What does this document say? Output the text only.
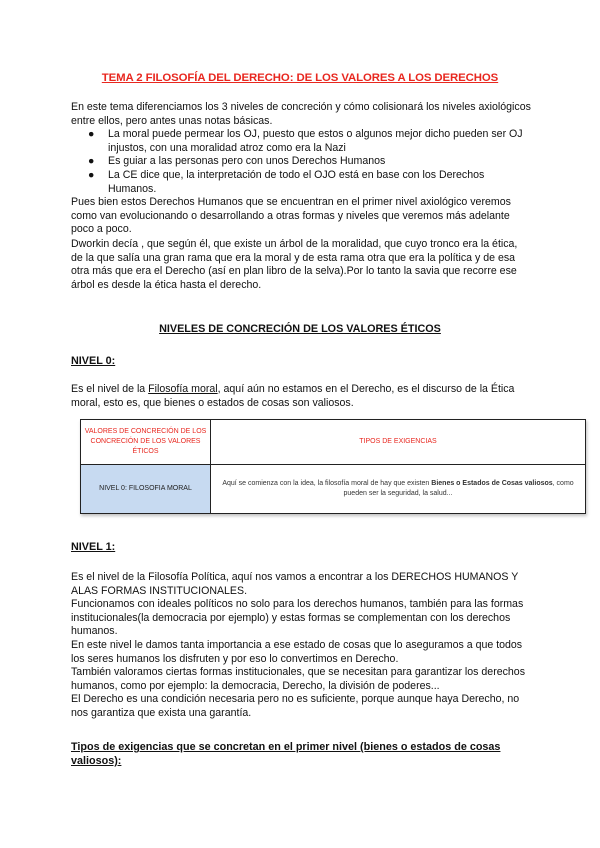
TEMA 2 FILOSOFÍA DEL DERECHO: DE LOS VALORES A LOS DERECHOS

En este tema diferenciamos los 3 niveles de concreción y cómo colisionará los niveles axiológicos entre ellos, pero antes unas notas básicas.

● La moral puede permear los OJ, puesto que estos o algunos mejor dicho pueden ser OJ injustos, con una moralidad atroz como era la Nazi
● Es guiar a las personas pero con unos Derechos Humanos
● La CE dice que, la interpretación de todo el OJO está en base con los Derechos Humanos.

Pues bien estos Derechos Humanos que se encuentran en el primer nivel axiológico veremos como van evolucionando o desarrollando a otras formas y niveles que veremos más adelante poco a poco.

Dworkin decía , que según él, que existe un árbol de la moralidad, que cuyo tronco era la ética, de la que salía una gran rama que era la moral y de esta rama otra que era la política y de esa otra más que era el Derecho (así en plan libro de la selva).Por lo tanto la savia que recorre ese árbol es desde la ética hasta el derecho.

NIVELES DE CONCRECIÓN DE LOS VALORES ÉTICOS
NIVEL 0:

Es el nivel de la Filosofía moral, aquí aún no estamos en el Derecho, es el discurso de la Ética moral, esto es, que bienes o estados de cosas son valiosos.

VALORES DE CONCRECIÓN DE LOS CONCRECIÓN DE LOS VALORES ÉTICOS	TIPOS DE EXIGENCIAS
NIVEL 0: FILOSOFIA MORAL	Aquí se comienza con la idea, la filosofía moral de hay que existen Bienes o Estados de Cosas valiosos, como pueden ser la seguridad, la salud...
NIVEL 1:

Es el nivel de la Filosofía Política, aquí nos vamos a encontrar a los DERECHOS HUMANOS Y ALAS FORMAS INSTITUCIONALES.

Funcionamos con ideales políticos no solo para los derechos humanos, también para las formas institucionales(la democracia por ejemplo) y estas formas se complementan con los derechos humanos.

En este nivel le damos tanta importancia a ese estado de cosas que lo aseguramos a que todos los seres humanos los disfruten y por eso lo convertimos en Derecho.

También valoramos ciertas formas institucionales, que se necesitan para garantizar los derechos humanos, como por ejemplo: la democracia, Derecho, la división de poderes...

El Derecho es una condición necesaria pero no es suficiente, porque aunque haya Derecho, no nos garantiza que exista una garantía.

Tipos de exigencias que se concretan en el primer nivel (bienes o estados de cosas valiosos):
